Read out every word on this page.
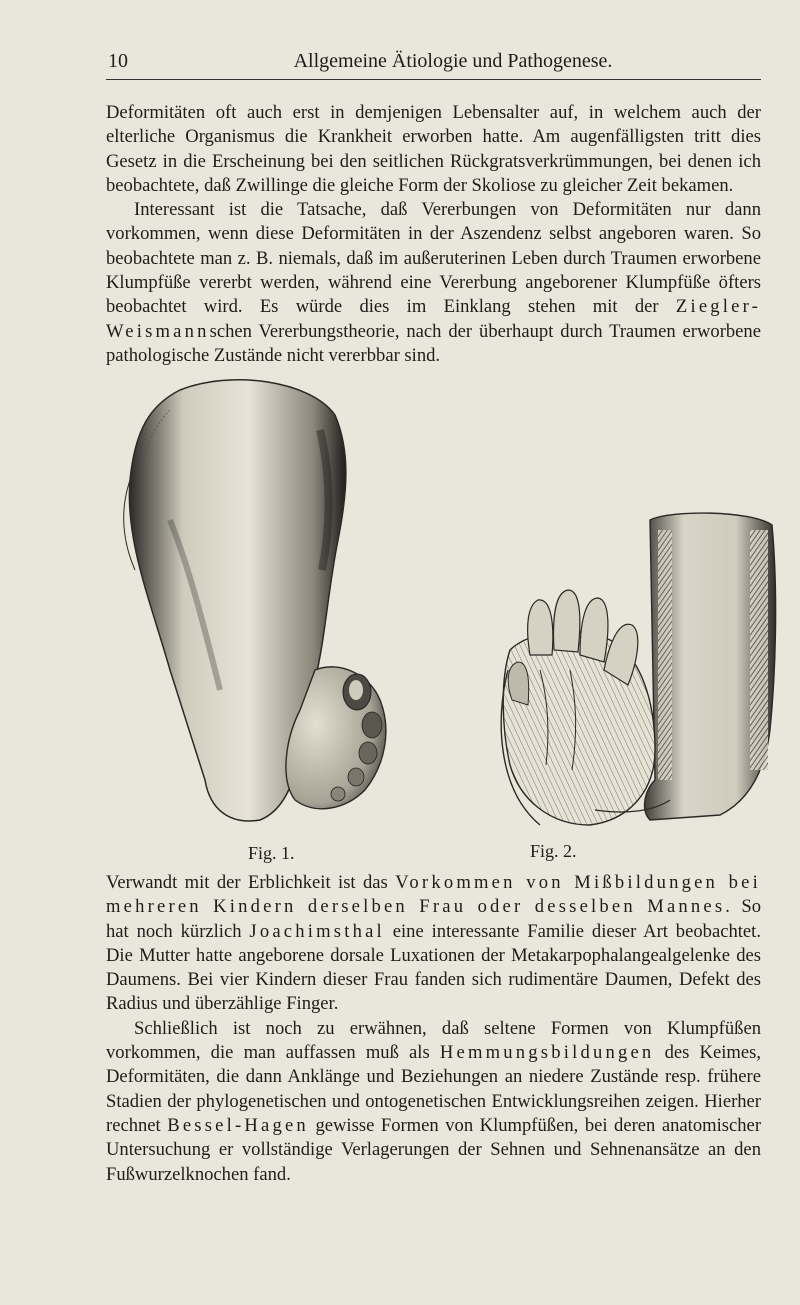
10	Allgemeine Ätiologie und Pathogenese.

Deformitäten oft auch erst in demjenigen Lebensalter auf, in welchem auch der elterliche Organismus die Krankheit erworben hatte. Am augenfälligsten tritt dies Gesetz in die Erscheinung bei den seitlichen Rückgratsverkrümmungen, bei denen ich beobachtete, daß Zwillinge die gleiche Form der Skoliose zu gleicher Zeit bekamen.

Interessant ist die Tatsache, daß Vererbungen von Deformitäten nur dann vorkommen, wenn diese Deformitäten in der Aszendenz selbst angeboren waren. So beobachtete man z. B. niemals, daß im außeruterinen Leben durch Traumen erworbene Klumpfüße vererbt werden, während eine Vererbung angeborener Klumpfüße öfters beobachtet wird. Es würde dies im Einklang stehen mit der Ziegler-Weismannschen Vererbungstheorie, nach der überhaupt durch Traumen erworbene pathologische Zustände nicht vererbbar sind.

Fig. 1.	Fig. 2.

Verwandt mit der Erblichkeit ist das Vorkommen von Mißbildungen bei mehreren Kindern derselben Frau oder desselben Mannes. So hat noch kürzlich Joachimsthal eine interessante Familie dieser Art beobachtet. Die Mutter hatte angeborene dorsale Luxationen der Metakarpophalangealgelenke des Daumens. Bei vier Kindern dieser Frau fanden sich rudimentäre Daumen, Defekt des Radius und überzählige Finger.

Schließlich ist noch zu erwähnen, daß seltene Formen von Klumpfüßen vorkommen, die man auffassen muß als Hemmungsbildungen des Keimes, Deformitäten, die dann Anklänge und Beziehungen an niedere Zustände resp. frühere Stadien der phylogenetischen und ontogenetischen Entwicklungsreihen zeigen. Hierher rechnet Bessel-Hagen gewisse Formen von Klumpfüßen, bei deren anatomischer Untersuchung er vollständige Verlagerungen der Sehnen und Sehnenansätze an den Fußwurzelknochen fand.
